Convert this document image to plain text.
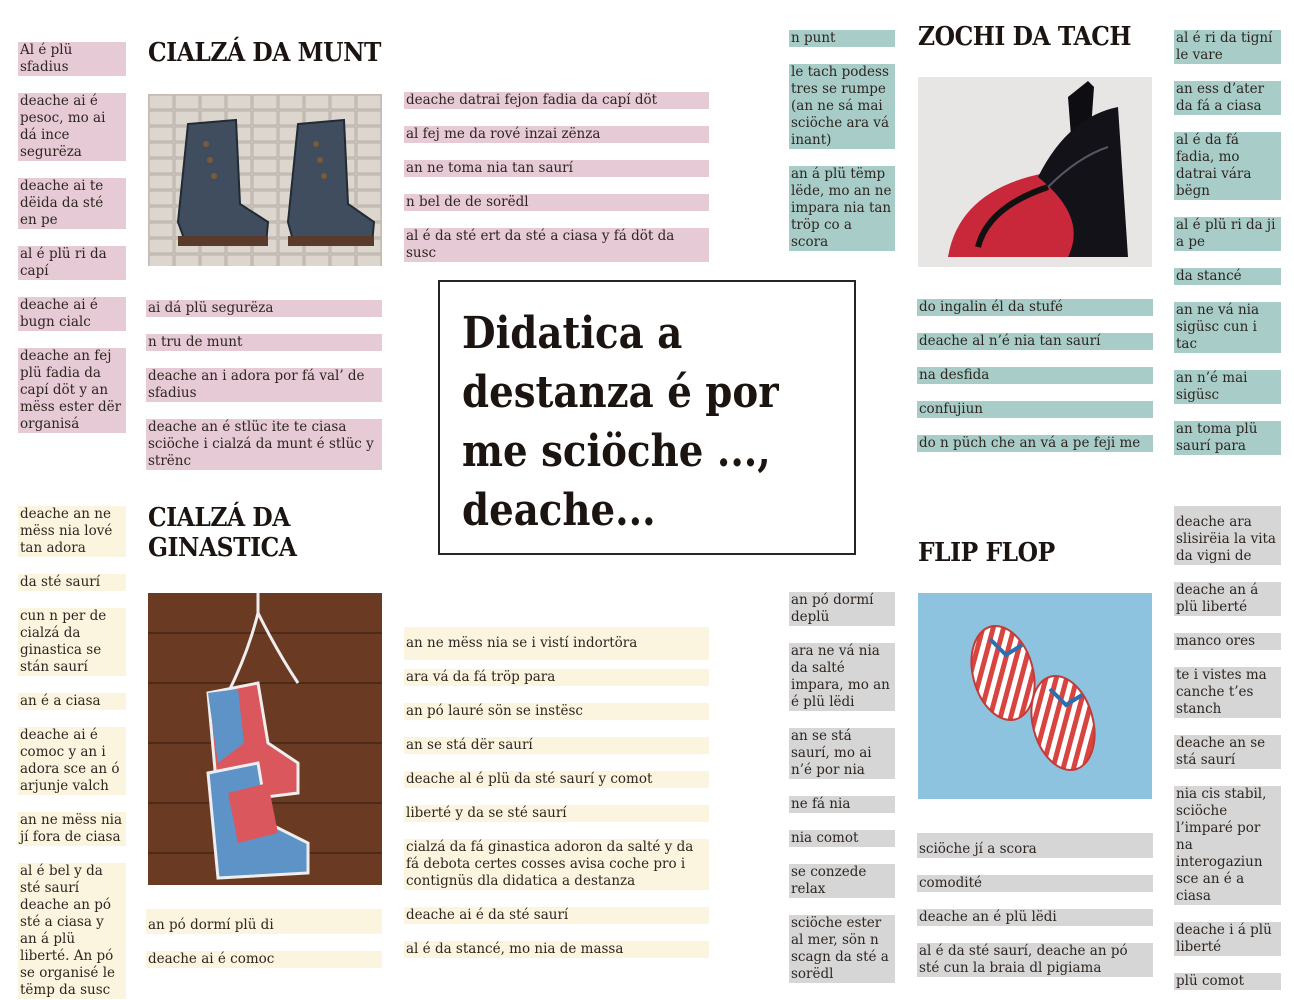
Didatica a
destanza é por
me sciöche ...,
deache...
CIALZÁ DA MUNT
Al é plü sfadius
deache ai é pesoc, mo ai dá ince segurëza
deache ai te dëida da sté en pe
al é plü ri da capí
deache ai é bugn cialc
deache an fej plü fadia da capí döt y an mëss ester dër organisá
ai dá plü segurëza
n tru de munt
deache an i adora por fá val’ de sfadius
deache an é stlüc ite te ciasa sciöche i cialzá da munt é stlüc y strënc
deache datrai fejon fadia da capí döt
al fej me da rové inzai zënza
an ne toma nia tan saurí
n bel de de sorëdl
al é da sté ert da sté a ciasa y fá döt da susc
ZOCHI DA TACH
n punt
le tach podess tres se rumpe (an ne sá mai sciöche ara vá inant)
an á plü tëmp lëde, mo an ne impara nia tan tröp co a scora
do ingalin él da stufé
deache al n’é nia tan saurí
na desfida
confujiun
do n püch che an vá a pe feji me
al é ri da tigní le vare
an ess d’ater da fá a ciasa
al é da fá fadia, mo datrai vára bëgn
al é plü ri da ji a pe
da stancé
an ne vá nia sigüsc cun i tac
an n’é mai sigüsc
an toma plü saurí para
CIALZÁ DA GINASTICA
deache an ne mëss nia lové tan adora
da sté saurí
cun n per de cialzá da ginastica se stán saurí
an é a ciasa
deache ai é comoc y an i adora sce an ó arjunje valch
an ne mëss nia jí fora de ciasa
al é bel y da sté saurí deache an pó sté a ciasa y an á plü liberté. An pó se organisé le tëmp da susc
an pó dormí plü di
deache ai é comoc
an ne mëss nia se i vistí indortöra
ara vá da fá tröp para
an pó lauré sön se instësc
an se stá dër saurí
deache al é plü da sté saurí y comot
liberté y da se sté saurí
cialzá da fá ginastica adoron da salté y da fá debota certes cosses avisa coche pro i contignüs dla didatica a destanza
deache ai é da sté saurí
al é da stancé, mo nia de massa
FLIP FLOP
an pó dormí deplü
ara ne vá nia da salté impara, mo an é plü lëdi
an se stá saurí, mo ai n’é por nia
ne fá nia
nia comot
se conzede relax
sciöche ester al mer, sön n scagn da sté a sorëdl
sciöche jí a scora
comodité
deache an é plü lëdi
al é da sté saurí, deache an pó sté cun la braia dl pigiama
deache ara slisirëia la vita da vigni de
deache an á plü liberté
manco ores
te i vistes ma canche t’es stanch
deache an se stá saurí
nia cis stabil, sciöche l’imparé por na interogaziun sce an é a ciasa
deache i á plü liberté
plü comot
